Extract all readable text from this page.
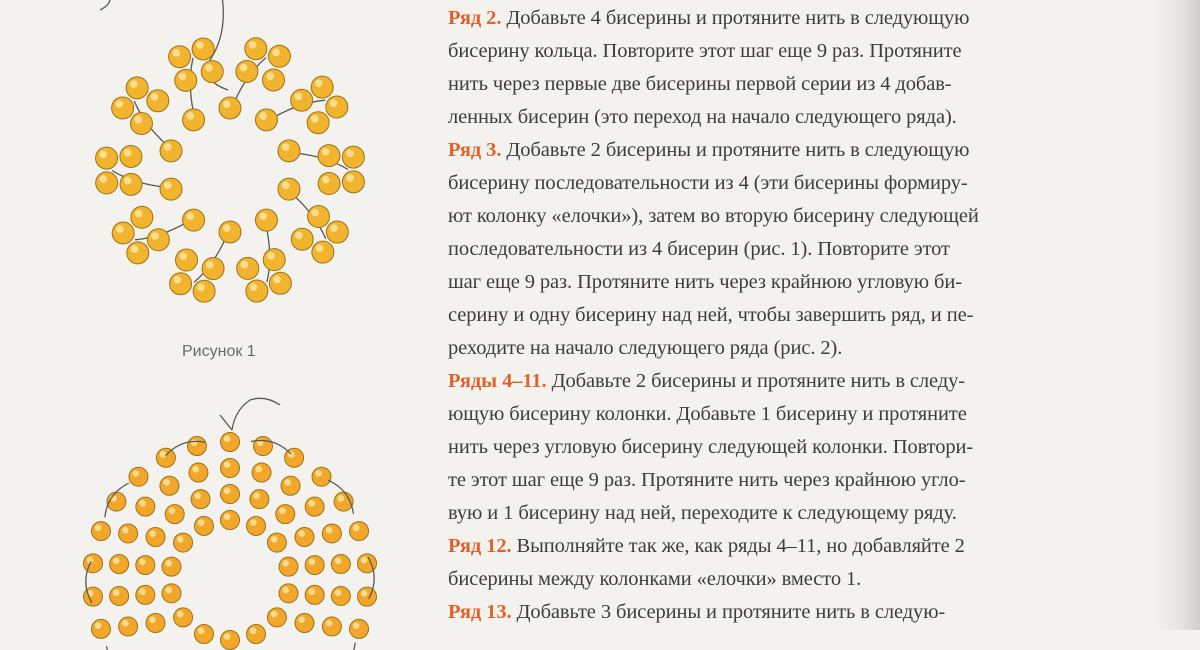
Рисунок 1
Ряд 2. Добавьте 4 бисерины и протяните нить в следующую
бисерину кольца. Повторите этот шаг еще 9 раз. Протяните
нить через первые две бисерины первой серии из 4 добав-
ленных бисерин (это переход на начало следующего ряда).
Ряд 3. Добавьте 2 бисерины и протяните нить в следующую
бисерину последовательности из 4 (эти бисерины формиру-
ют колонку «елочки»), затем во вторую бисерину следующей
последовательности из 4 бисерин (рис. 1). Повторите этот
шаг еще 9 раз. Протяните нить через крайнюю угловую би-
серину и одну бисерину над ней, чтобы завершить ряд, и пе-
реходите на начало следующего ряда (рис. 2).
Ряды 4–11. Добавьте 2 бисерины и протяните нить в следу-
ющую бисерину колонки. Добавьте 1 бисерину и протяните
нить через угловую бисерину следующей колонки. Повтори-
те этот шаг еще 9 раз. Протяните нить через крайнюю угло-
вую и 1 бисерину над ней, переходите к следующему ряду.
Ряд 12. Выполняйте так же, как ряды 4–11, но добавляйте 2
бисерины между колонками «елочки» вместо 1.
Ряд 13. Добавьте 3 бисерины и протяните нить в следую-
